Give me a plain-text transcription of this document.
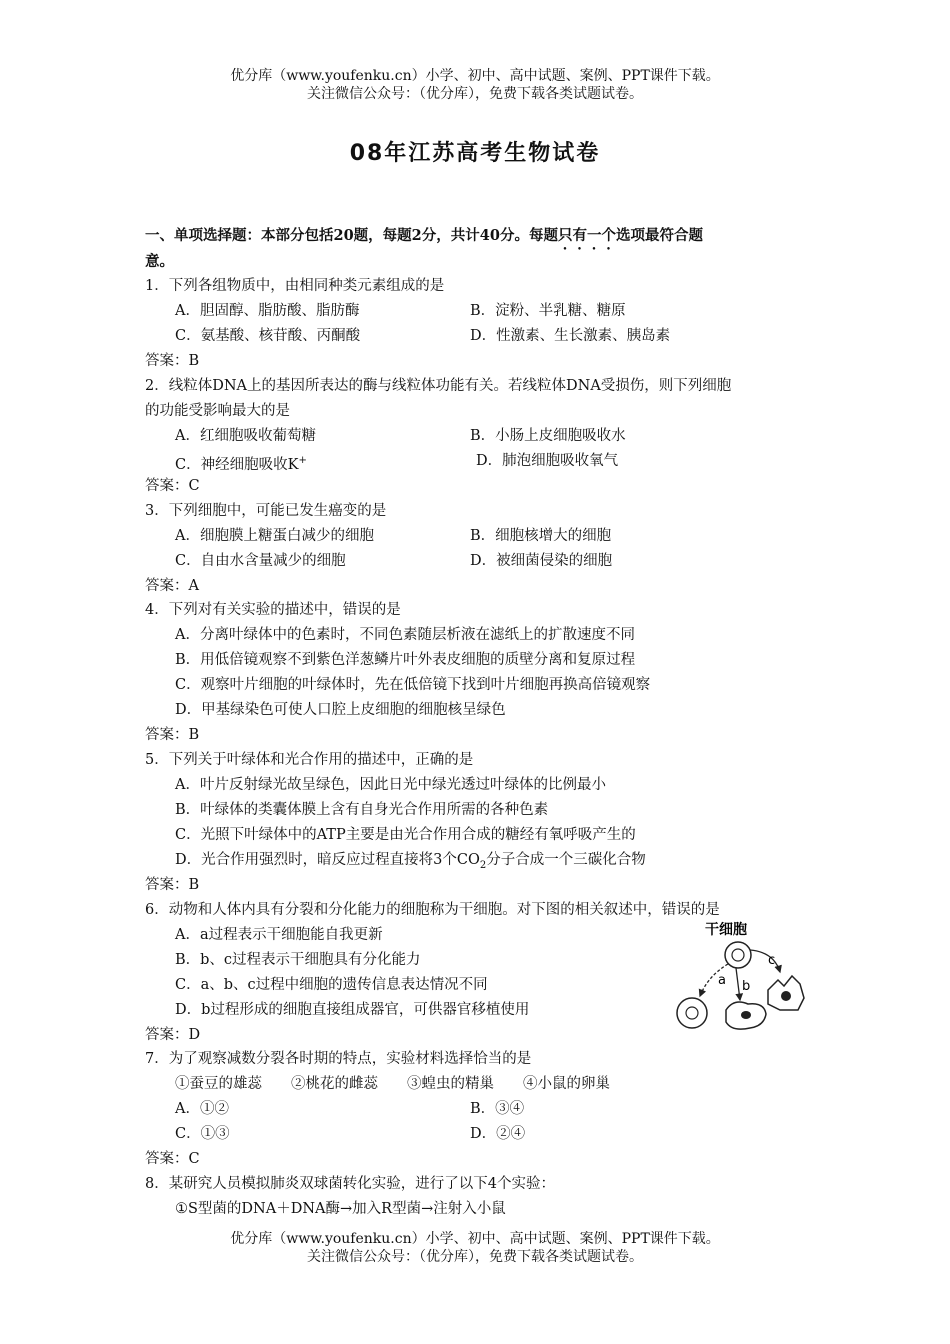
优分库（www.youfenku.cn）小学、初中、高中试题、案例、PPT课件下载。
关注微信公众号：（优分库），免费下载各类试题试卷。
08年江苏高考生物试卷
一、单项选择题：本部分包括20题，每题2分，共计40分。每题只有一个选项最符合题
意。
1．下列各组物质中，由相同种类元素组成的是
A．胆固醇、脂肪酸、脂肪酶	B．淀粉、半乳糖、糖原
C．氨基酸、核苷酸、丙酮酸	D．性激素、生长激素、胰岛素
答案：B
2．线粒体DNA上的基因所表达的酶与线粒体功能有关。若线粒体DNA受损伤，则下列细胞
的功能受影响最大的是
A．红细胞吸收葡萄糖	B．小肠上皮细胞吸收水
C．神经细胞吸收K+	D．肺泡细胞吸收氧气
答案：C
3．下列细胞中，可能已发生癌变的是
A．细胞膜上糖蛋白减少的细胞	B．细胞核增大的细胞
C．自由水含量减少的细胞	D．被细菌侵染的细胞
答案：A
4．下列对有关实验的描述中，错误的是
A．分离叶绿体中的色素时，不同色素随层析液在滤纸上的扩散速度不同
B．用低倍镜观察不到紫色洋葱鳞片叶外表皮细胞的质壁分离和复原过程
C．观察叶片细胞的叶绿体时，先在低倍镜下找到叶片细胞再换高倍镜观察
D．甲基绿染色可使人口腔上皮细胞的细胞核呈绿色
答案：B
5．下列关于叶绿体和光合作用的描述中，正确的是
A．叶片反射绿光故呈绿色，因此日光中绿光透过叶绿体的比例最小
B．叶绿体的类囊体膜上含有自身光合作用所需的各种色素
C．光照下叶绿体中的ATP主要是由光合作用合成的糖经有氧呼吸产生的
D．光合作用强烈时，暗反应过程直接将3个$CO_2$分子合成一个三碳化合物
答案：B
6．动物和人体内具有分裂和分化能力的细胞称为干细胞。对下图的相关叙述中，错误的是
A．a过程表示干细胞能自我更新
B．b、c过程表示干细胞具有分化能力
C．a、b、c过程中细胞的遗传信息表达情况不同
D．b过程形成的细胞直接组成器官，可供器官移植使用
答案：D
干细胞
a b
c
7．为了观察减数分裂各时期的特点，实验材料选择恰当的是
①蚕豆的雄蕊　　②桃花的雌蕊　　③蝗虫的精巢　　④小鼠的卵巢
A．①②	B．③④
C．①③	D．②④
答案：C
8．某研究人员模拟肺炎双球菌转化实验，进行了以下4个实验：
①S型菌的DNA＋DNA酶→加入R型菌→注射入小鼠
优分库（www.youfenku.cn）小学、初中、高中试题、案例、PPT课件下载。
关注微信公众号：（优分库），免费下载各类试题试卷。
